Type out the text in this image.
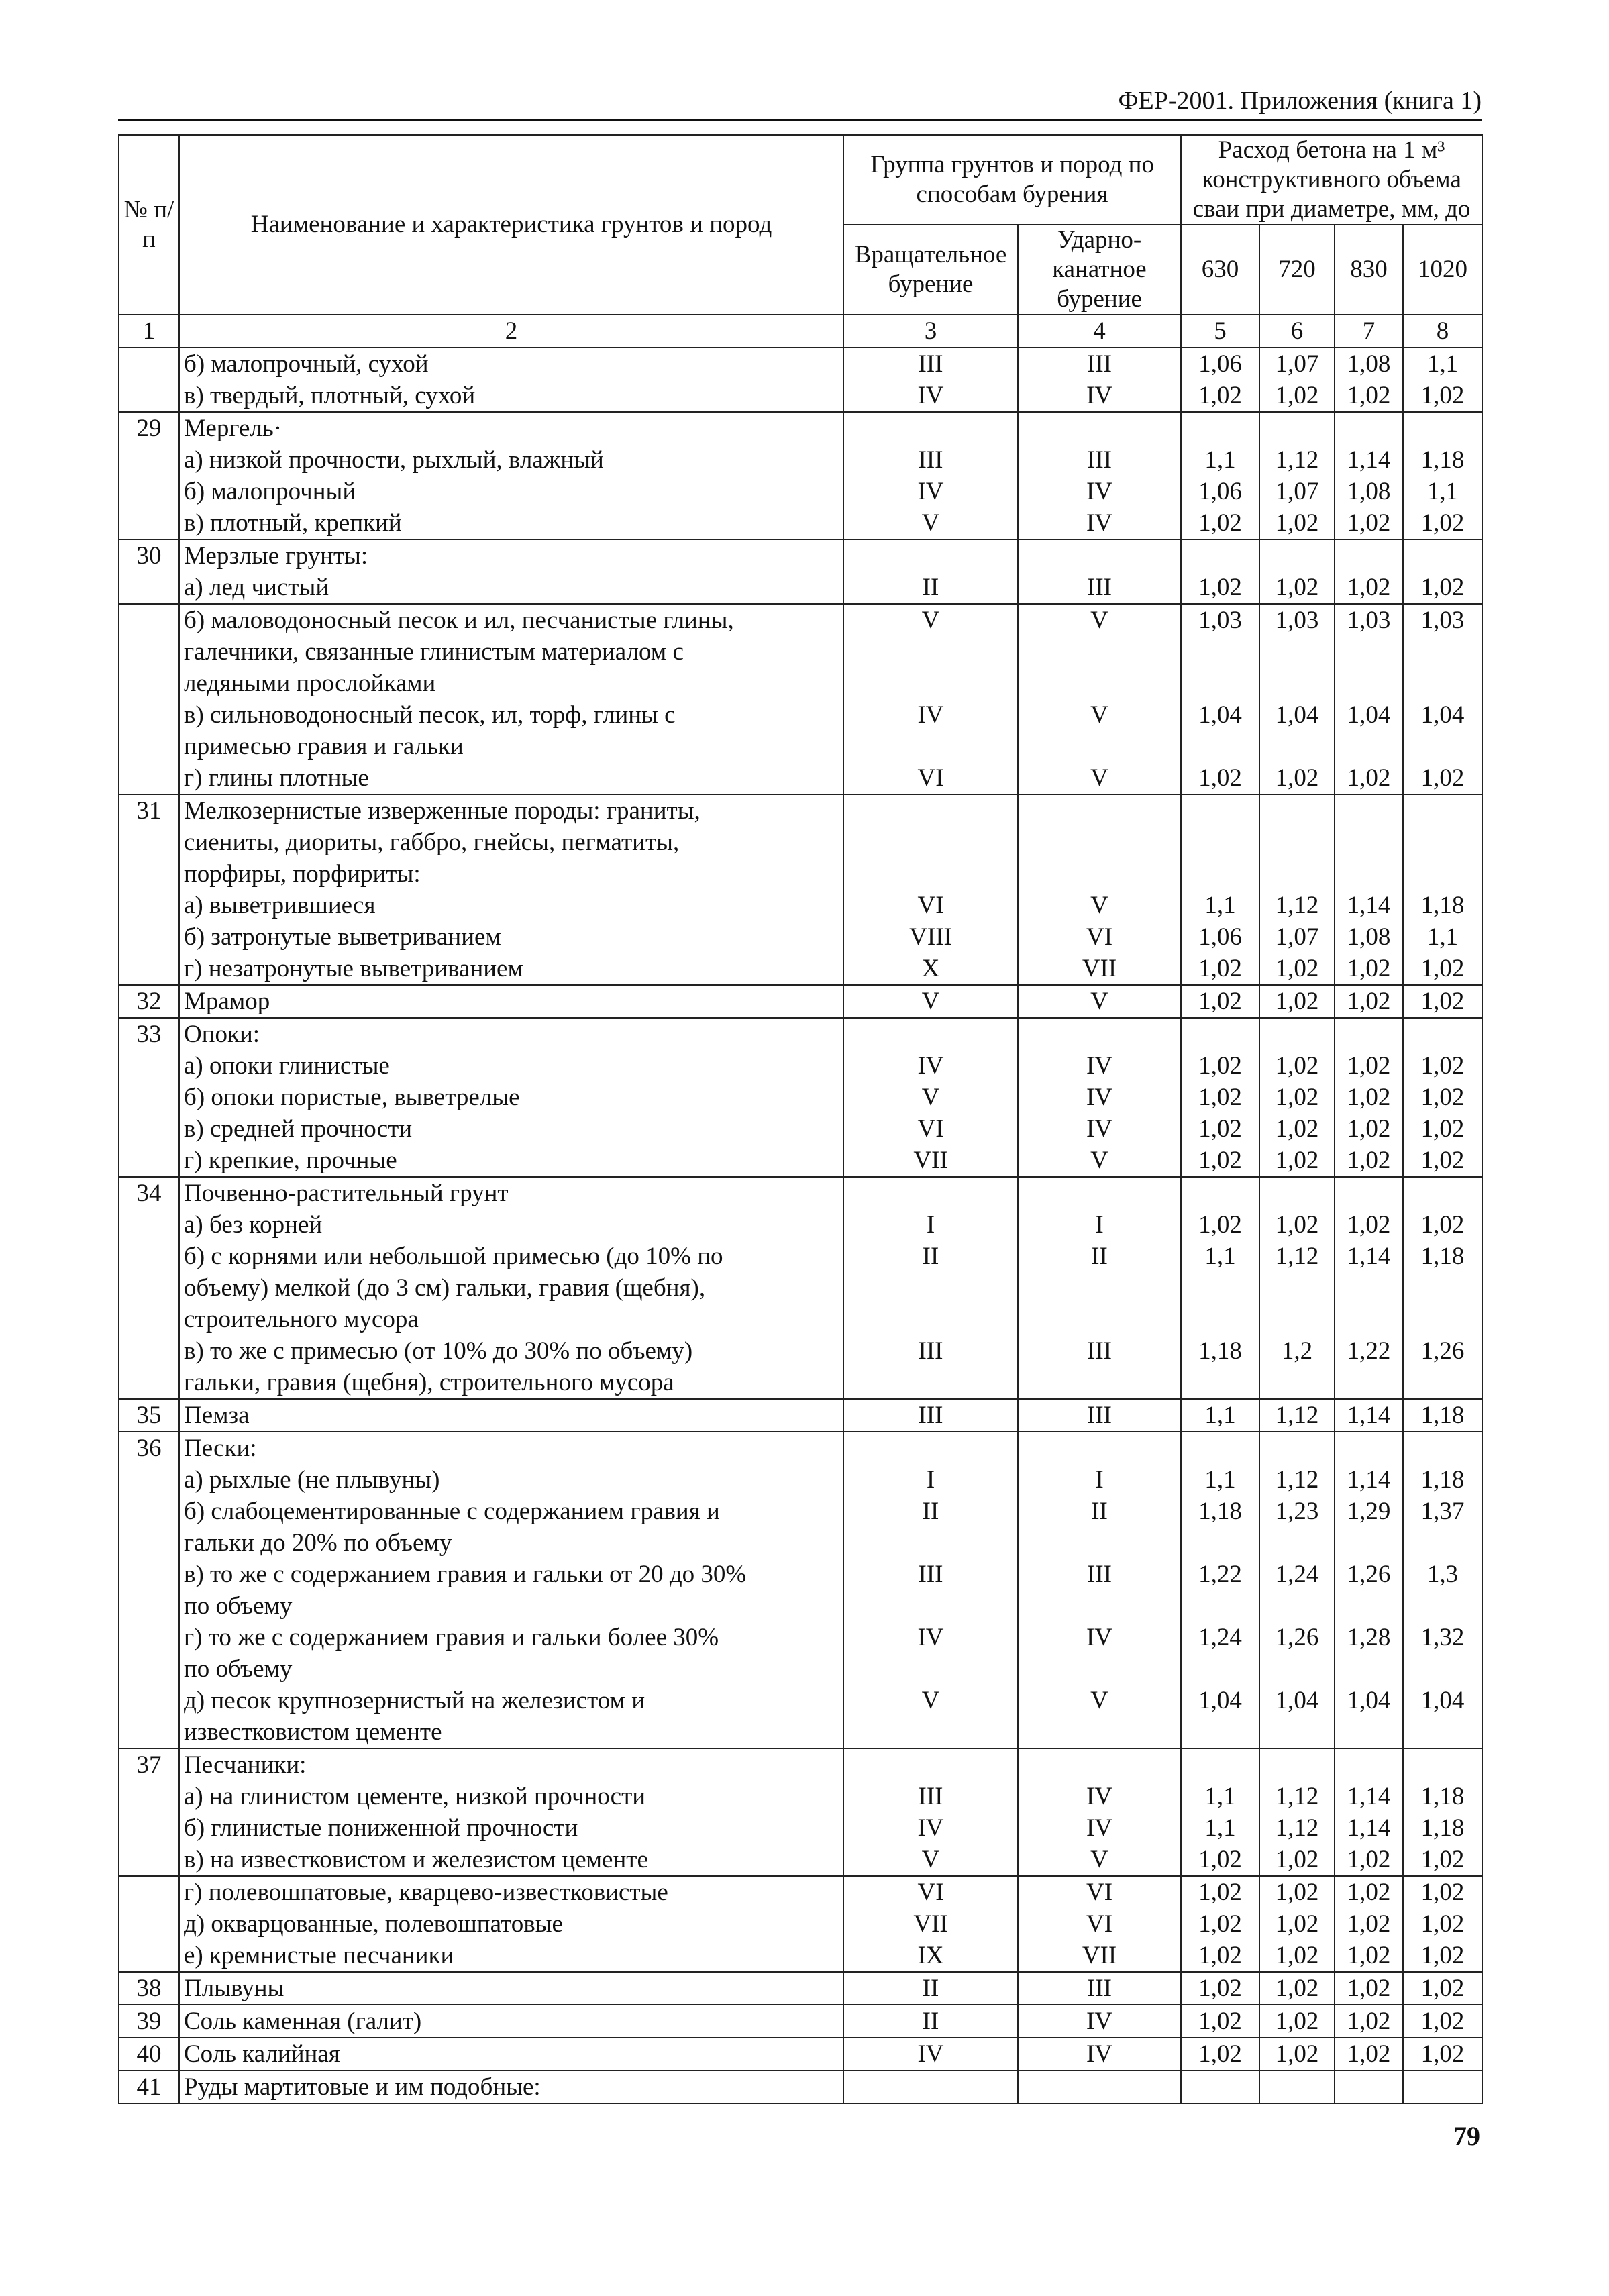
ФЕР-2001. Приложения (книга 1)
№ п/п	Наименование и характеристика грунтов и пород	Группа грунтов и пород по способам бурения		Расход бетона на 1 м³ конструктивного объема сваи при диаметре, мм, до			
		Вращательное бурение	Ударно-канатное бурение	630	720	830	1020
1	2	3	4	5	6	7	8
	б) малопрочный, сухой	III	III	1,06	1,07	1,08	1,1
	в) твердый, плотный, сухой	IV	IV	1,02	1,02	1,02	1,02
29	Мергель·						
	а) низкой прочности, рыхлый, влажный	III	III	1,1	1,12	1,14	1,18
	б) малопрочный	IV	IV	1,06	1,07	1,08	1,1
	в) плотный, крепкий	V	IV	1,02	1,02	1,02	1,02
30	Мерзлые грунты:						
	а) лед чистый	II	III	1,02	1,02	1,02	1,02
	б) маловодоносный песок и ил, песчанистые глины,	V	V	1,03	1,03	1,03	1,03
	галечники, связанные глинистым материалом с						
	ледяными прослойками						
	в) сильноводоносный песок, ил, торф, глины с	IV	V	1,04	1,04	1,04	1,04
	примесью гравия и гальки						
	г) глины плотные	VI	V	1,02	1,02	1,02	1,02
31	Мелкозернистые изверженные породы: граниты,						
	сиениты, диориты, габбро, гнейсы, пегматиты,						
	порфиры, порфириты:						
	а) выветрившиеся	VI	V	1,1	1,12	1,14	1,18
	б) затронутые выветриванием	VIII	VI	1,06	1,07	1,08	1,1
	г) незатронутые выветриванием	X	VII	1,02	1,02	1,02	1,02
32	Мрамор	V	V	1,02	1,02	1,02	1,02
33	Опоки:						
	а) опоки глинистые	IV	IV	1,02	1,02	1,02	1,02
	б) опоки пористые, выветрелые	V	IV	1,02	1,02	1,02	1,02
	в) средней прочности	VI	IV	1,02	1,02	1,02	1,02
	г) крепкие, прочные	VII	V	1,02	1,02	1,02	1,02
34	Почвенно-растительный грунт						
	а) без корней	I	I	1,02	1,02	1,02	1,02
	б) с корнями или небольшой примесью (до 10% по	II	II	1,1	1,12	1,14	1,18
	объему) мелкой (до 3 см) гальки, гравия (щебня),						
	строительного мусора						
	в) то же с примесью (от 10% до 30% по объему)	III	III	1,18	1,2	1,22	1,26
	гальки, гравия (щебня), строительного мусора						
35	Пемза	III	III	1,1	1,12	1,14	1,18
36	Пески:						
	а) рыхлые (не плывуны)	I	I	1,1	1,12	1,14	1,18
	б) слабоцементированные с содержанием гравия и	II	II	1,18	1,23	1,29	1,37
	гальки до 20% по объему						
	в) то же с содержанием гравия и гальки от 20 до 30%	III	III	1,22	1,24	1,26	1,3
	по объему						
	г) то же с содержанием гравия и гальки более 30%	IV	IV	1,24	1,26	1,28	1,32
	по объему						
	д) песок крупнозернистый на железистом и	V	V	1,04	1,04	1,04	1,04
	известковистом цементе						
37	Песчаники:						
	а) на глинистом цементе, низкой прочности	III	IV	1,1	1,12	1,14	1,18
	б) глинистые пониженной прочности	IV	IV	1,1	1,12	1,14	1,18
	в) на известковистом и железистом цементе	V	V	1,02	1,02	1,02	1,02
	г) полевошпатовые, кварцево-известковистые	VI	VI	1,02	1,02	1,02	1,02
	д) окварцованные, полевошпатовые	VII	VI	1,02	1,02	1,02	1,02
	е) кремнистые песчаники	IX	VII	1,02	1,02	1,02	1,02
38	Плывуны	II	III	1,02	1,02	1,02	1,02
39	Соль каменная (галит)	II	IV	1,02	1,02	1,02	1,02
40	Соль калийная	IV	IV	1,02	1,02	1,02	1,02
41	Руды мартитовые и им подобные:						
79
